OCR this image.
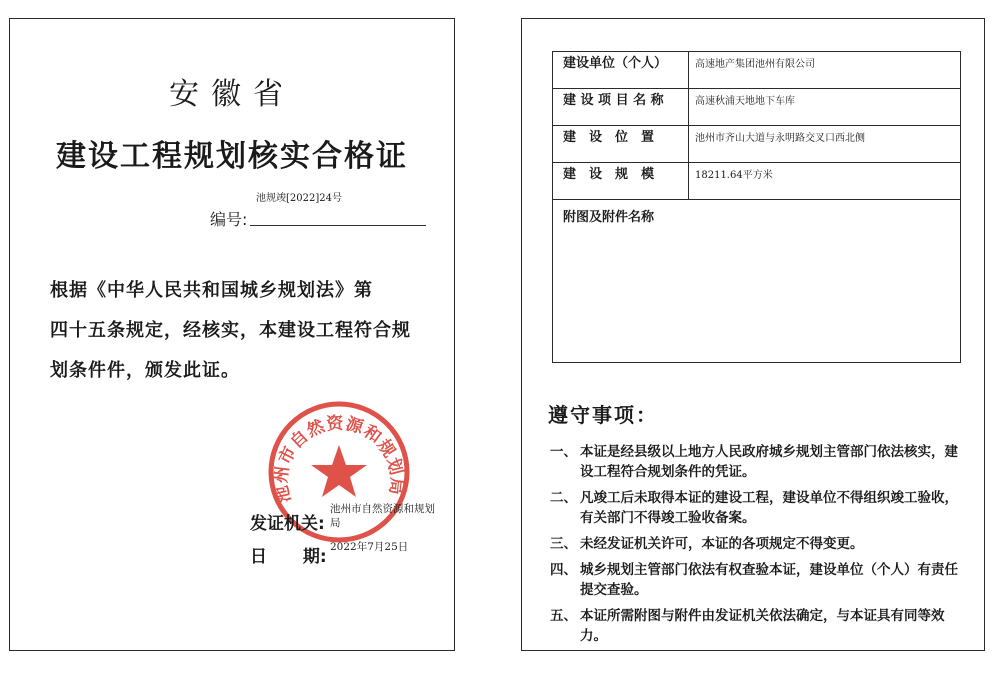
安徽省
建设工程规划核实合格证
池规竣[2022]24号
编号:
根据《中华人民共和国城乡规划法》第
四十五条规定，经核实，本建设工程符合规
划条件件，颁发此证。
池州市自然资源和规划局
发证机关:
池州市自然资源和规划局
日 期: 2022年7月25日
建设单位（个人）	高速地产集团池州有限公司
建 设 项 目 名 称	高速秋浦天地地下车库
建　设　位　置	池州市齐山大道与永明路交叉口西北侧
建　设　规　模	18211.64平方米
附图及附件名称	
遵守事项：
一、 本证是经县级以上地方人民政府城乡规划主管部门依法核实，建设工程符合规划条件的凭证。
二、 凡竣工后未取得本证的建设工程，建设单位不得组织竣工验收，有关部门不得竣工验收备案。
三、 未经发证机关许可，本证的各项规定不得变更。
四、 城乡规划主管部门依法有权查验本证，建设单位（个人）有责任提交查验。
五、 本证所需附图与附件由发证机关依法确定，与本证具有同等效力。
